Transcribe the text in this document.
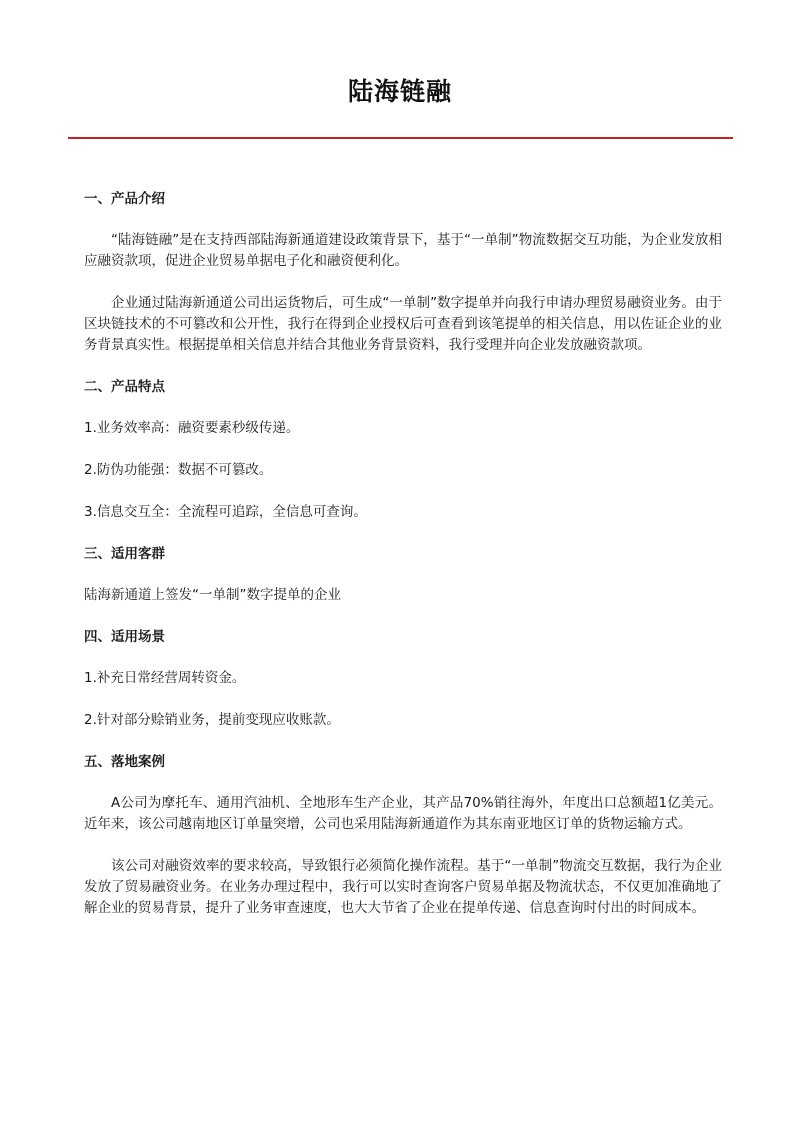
陆海链融
一、产品介绍

“陆海链融”是在支持西部陆海新通道建设政策背景下，基于“一单制”物流数据交互功能，为企业发放相应融资款项，促进企业贸易单据电子化和融资便利化。

企业通过陆海新通道公司出运货物后，可生成“一单制”数字提单并向我行申请办理贸易融资业务。由于区块链技术的不可篡改和公开性，我行在得到企业授权后可查看到该笔提单的相关信息，用以佐证企业的业务背景真实性。根据提单相关信息并结合其他业务背景资料，我行受理并向企业发放融资款项。

二、产品特点
1.业务效率高：融资要素秒级传递。
2.防伪功能强：数据不可篡改。
3.信息交互全：全流程可追踪，全信息可查询。
三、适用客群
陆海新通道上签发“一单制”数字提单的企业
四、适用场景
1.补充日常经营周转资金。
2.针对部分赊销业务，提前变现应收账款。
五、落地案例

A公司为摩托车、通用汽油机、全地形车生产企业，其产品70%销往海外，年度出口总额超1亿美元。近年来，该公司越南地区订单量突增，公司也采用陆海新通道作为其东南亚地区订单的货物运输方式。

该公司对融资效率的要求较高，导致银行必须简化操作流程。基于“一单制”物流交互数据，我行为企业发放了贸易融资业务。在业务办理过程中，我行可以实时查询客户贸易单据及物流状态，不仅更加准确地了解企业的贸易背景，提升了业务审查速度，也大大节省了企业在提单传递、信息查询时付出的时间成本。
